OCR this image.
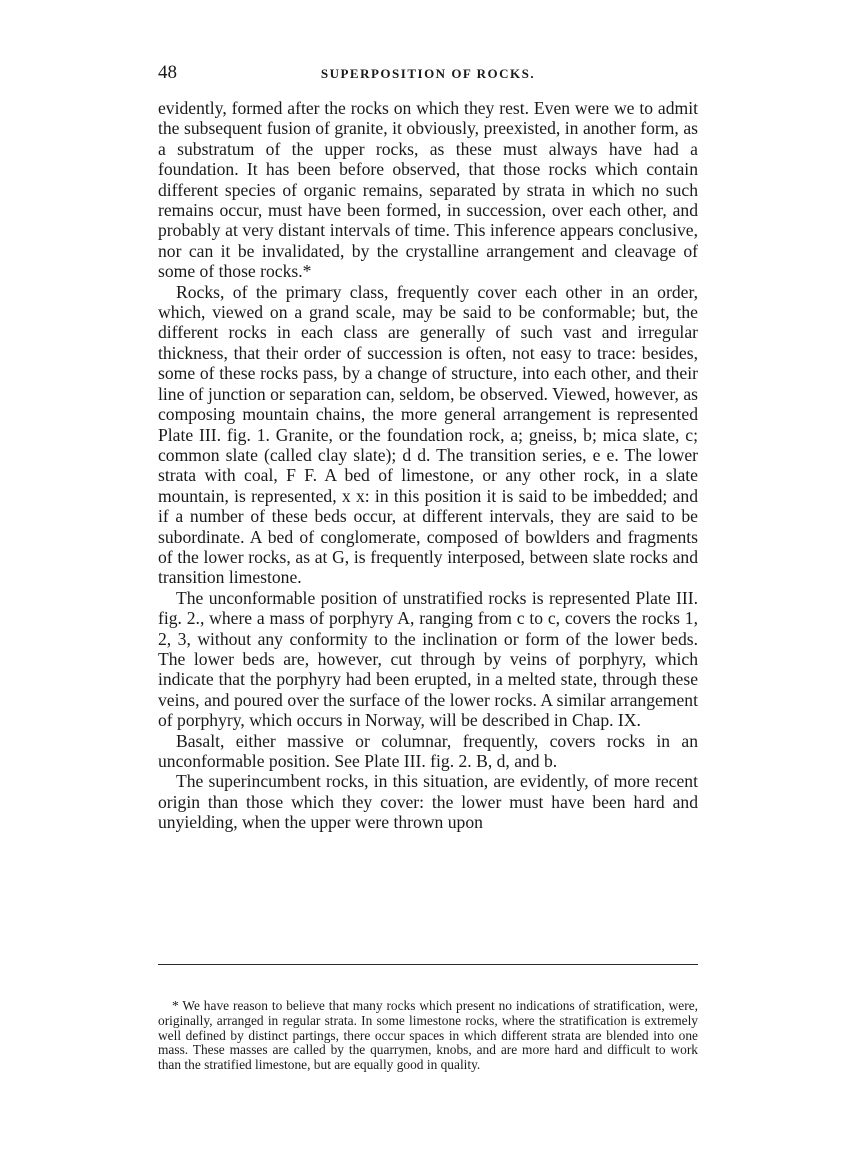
48	SUPERPOSITION OF ROCKS.

evidently, formed after the rocks on which they rest. Even were we to admit the subsequent fusion of granite, it obviously, preexisted, in another form, as a substratum of the upper rocks, as these must always have had a foundation. It has been before observed, that those rocks which contain different species of organic remains, separated by strata in which no such remains occur, must have been formed, in succession, over each other, and probably at very distant intervals of time. This inference appears conclusive, nor can it be invalidated, by the crystalline arrangement and cleavage of some of those rocks.*

Rocks, of the primary class, frequently cover each other in an order, which, viewed on a grand scale, may be said to be conformable; but, the different rocks in each class are generally of such vast and irregular thickness, that their order of succession is often, not easy to trace: besides, some of these rocks pass, by a change of structure, into each other, and their line of junction or separation can, seldom, be observed. Viewed, however, as composing mountain chains, the more general arrangement is represented Plate III. fig. 1. Granite, or the foundation rock, a; gneiss, b; mica slate, c; common slate (called clay slate); d d. The transition series, e e. The lower strata with coal, F F. A bed of limestone, or any other rock, in a slate mountain, is represented, x x: in this position it is said to be imbedded; and if a number of these beds occur, at different intervals, they are said to be subordinate. A bed of conglomerate, composed of bowlders and fragments of the lower rocks, as at G, is frequently interposed, between slate rocks and transition limestone.

The unconformable position of unstratified rocks is represented Plate III. fig. 2., where a mass of porphyry A, ranging from c to c, covers the rocks 1, 2, 3, without any conformity to the inclination or form of the lower beds. The lower beds are, however, cut through by veins of porphyry, which indicate that the porphyry had been erupted, in a melted state, through these veins, and poured over the surface of the lower rocks. A similar arrangement of porphyry, which occurs in Norway, will be described in Chap. IX.

Basalt, either massive or columnar, frequently, covers rocks in an unconformable position. See Plate III. fig. 2. B, d, and b.

The superincumbent rocks, in this situation, are evidently, of more recent origin than those which they cover: the lower must have been hard and unyielding, when the upper were thrown upon

* We have reason to believe that many rocks which present no indications of stratification, were, originally, arranged in regular strata. In some limestone rocks, where the stratification is extremely well defined by distinct partings, there occur spaces in which different strata are blended into one mass. These masses are called by the quarrymen, knobs, and are more hard and difficult to work than the stratified limestone, but are equally good in quality.
